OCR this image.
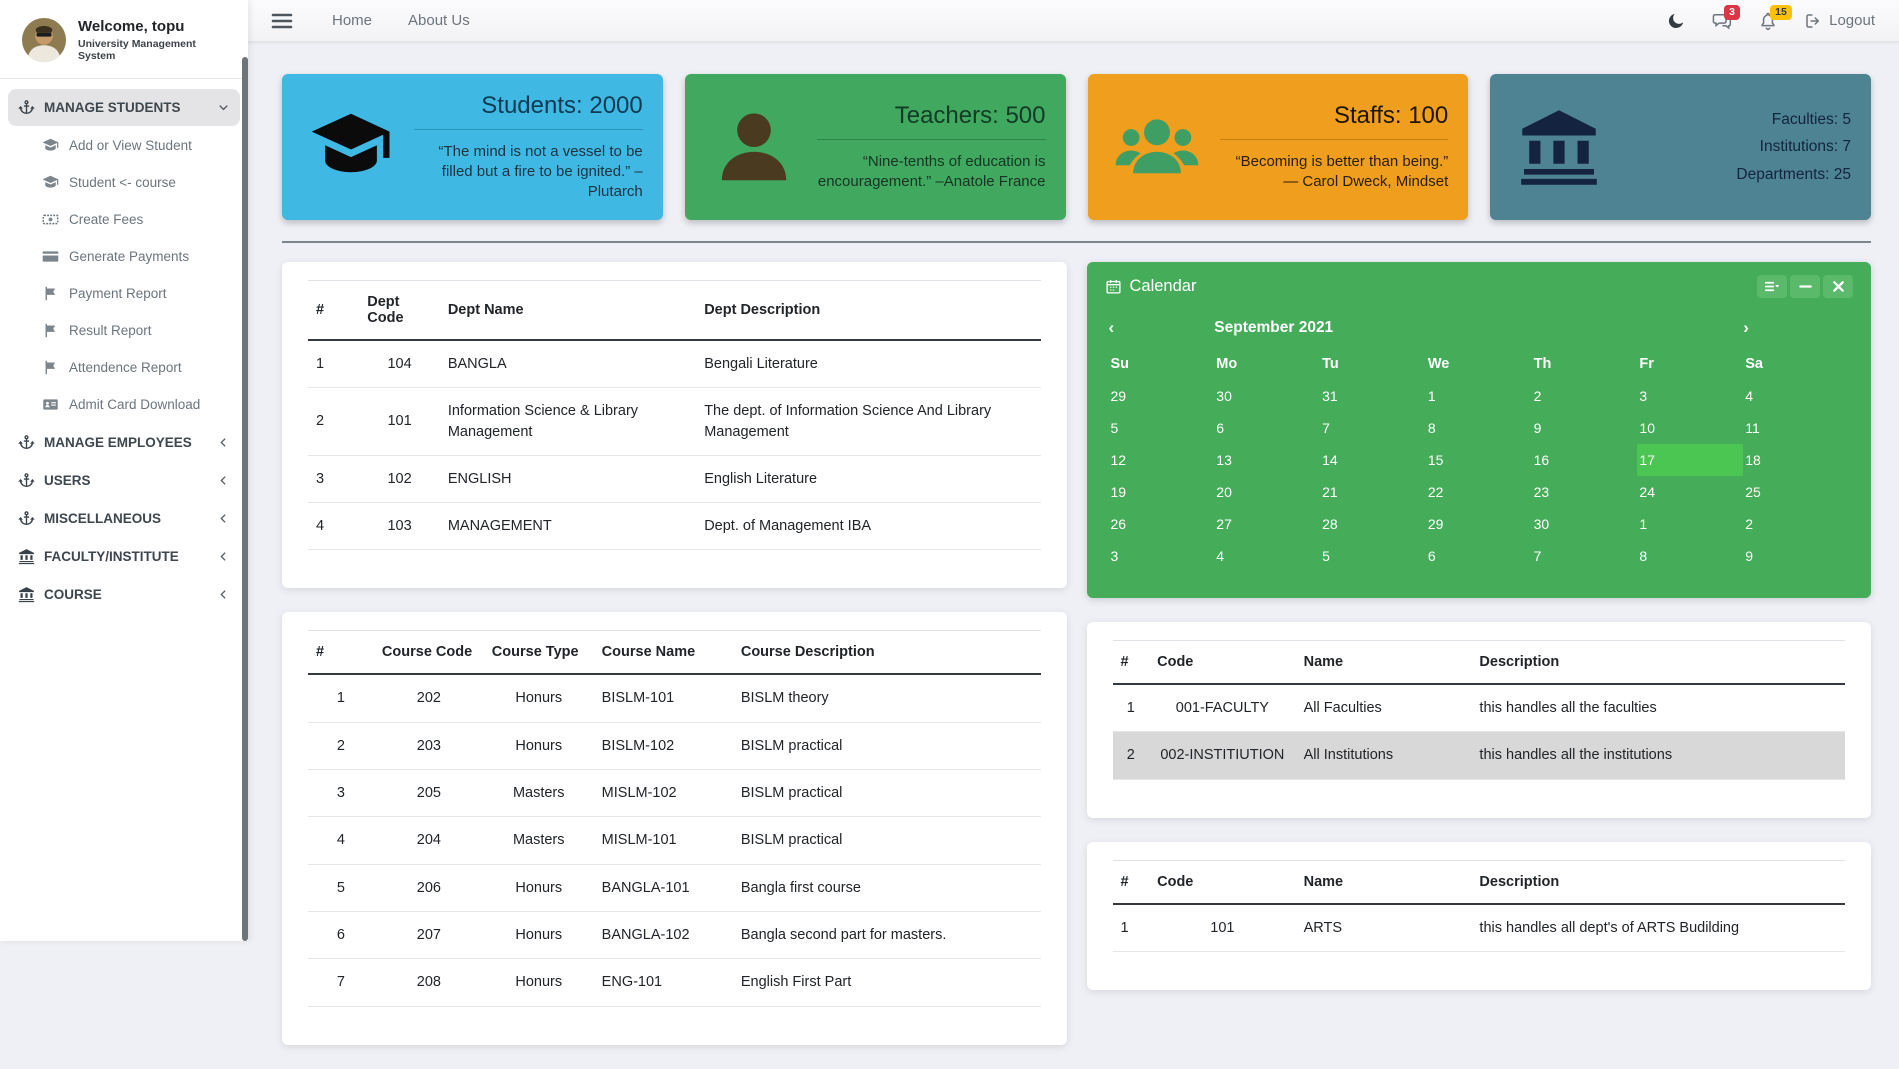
Welcome, topu
University Management System
MANAGE STUDENTS
Add or View Student
Student <- course
Create Fees
Generate Payments
Payment Report
Result Report
Attendence Report
Admit Card Download
MANAGE EMPLOYEES
USERS
MISCELLANEOUS
FACULTY/INSTITUTE
COURSE
Home About Us	3	15	Logout
Students: 2000
“The mind is not a vessel to be filled but a fire to be ignited.” –Plutarch
Teachers: 500
“Nine-tenths of education is encouragement.” –Anatole France
Staffs: 100
“Becoming is better than being.” — Carol Dweck, Mindset
Faculties: 5
Institutions: 7
Departments: 25
#	Dept Code	Dept Name	Dept Description
1	104	BANGLA	Bengali Literature
2	101	Information Science & Library Management	The dept. of Information Science And Library Management
3	102	ENGLISH	English Literature
4	103	MANAGEMENT	Dept. of Management IBA
#	Course Code	Course Type	Course Name	Course Description
1	202	Honurs	BISLM-101	BISLM theory
2	203	Honurs	BISLM-102	BISLM practical
3	205	Masters	MISLM-102	BISLM practical
4	204	Masters	MISLM-101	BISLM practical
5	206	Honurs	BANGLA-101	Bangla first course
6	207	Honurs	BANGLA-102	Bangla second part for masters.
7	208	Honurs	ENG-101	English First Part
Calendar
‹	September 2021	›
Su	Mo	Tu	We	Th	Fr	Sa
29	30	31	1	2	3	4
5	6	7	8	9	10	11
12	13	14	15	16	17	18
19	20	21	22	23	24	25
26	27	28	29	30	1	2
3	4	5	6	7	8	9
#	Code	Name	Description
1	001-FACULTY	All Faculties	this handles all the faculties
2	002-INSTITIUTION	All Institutions	this handles all the institutions
#	Code	Name	Description
1	101	ARTS	this handles all dept's of ARTS Budilding
